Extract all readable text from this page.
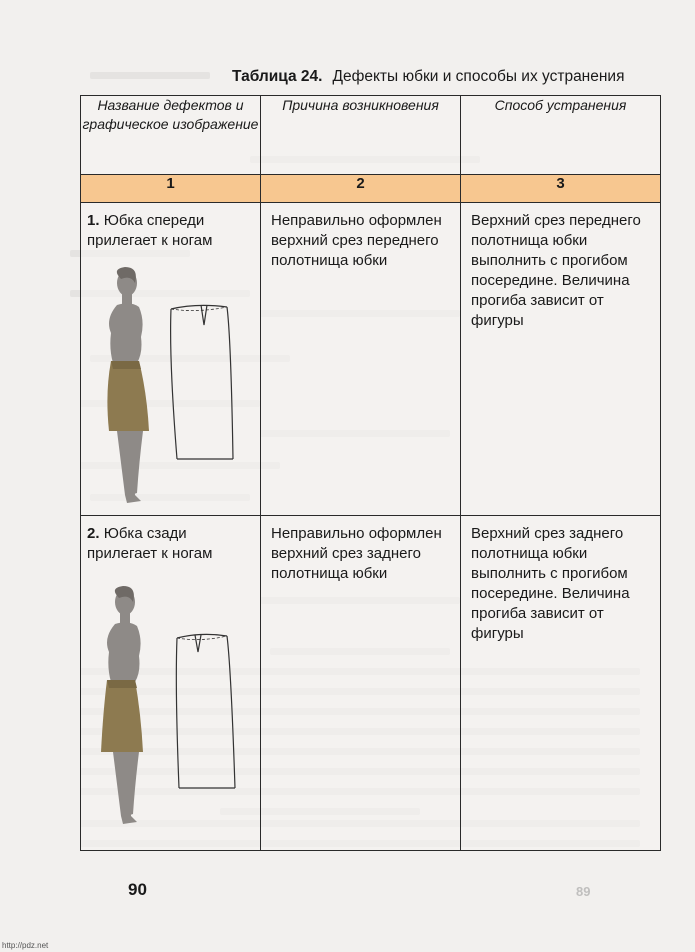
Таблица 24. Дефекты юбки и способы их устранения
Название дефектов и графическое изображение	Причина возникновения	Способ устранения
1	2	3

1. Юбка спереди прилегает к ногам	Неправильно оформлен верхний срез переднего полотнища юбки	Верхний срез переднего полотнища юбки выполнить с прогибом посередине. Величина прогиба зависит от фигуры

2. Юбка сзади прилегает к ногам	Неправильно оформлен верхний срез заднего полотнища юбки	Верхний срез заднего полотнища юбки выполнить с прогибом посередине. Величина прогиба зависит от фигуры
90	89
http://pdz.net
